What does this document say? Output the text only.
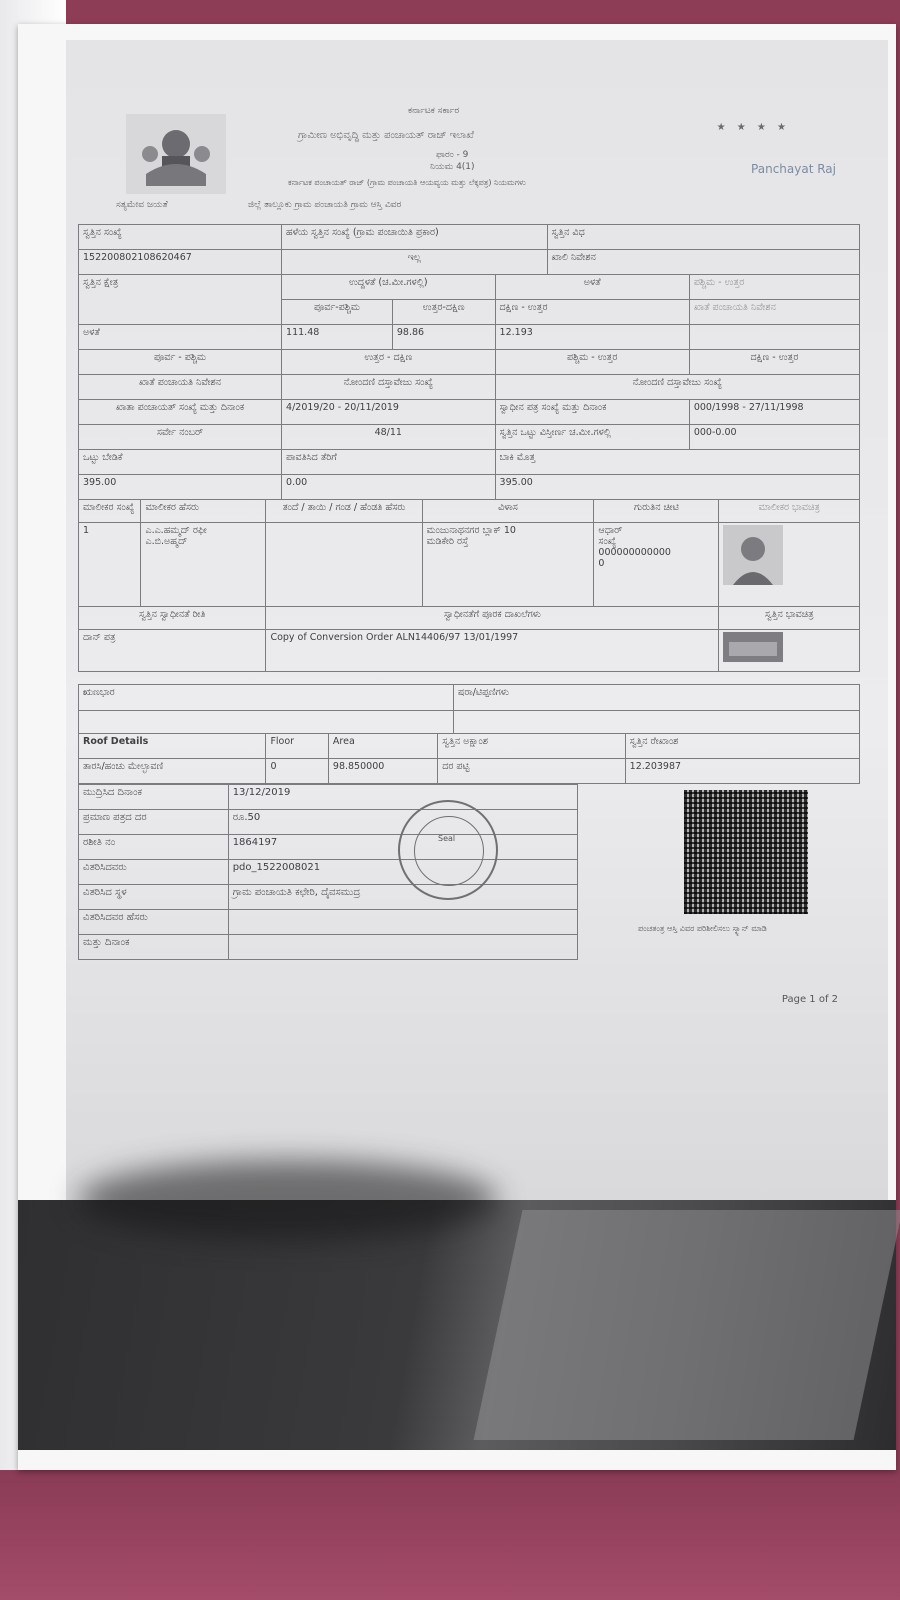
ಸತ್ಯಮೇವ ಜಯತೆ
ಕರ್ನಾಟಕ ಸರ್ಕಾರ
ಗ್ರಾಮೀಣ ಅಭಿವೃದ್ಧಿ ಮತ್ತು ಪಂಚಾಯತ್ ರಾಜ್ ಇಲಾಖೆ
ಫಾರಂ - 9
ನಿಯಮ 4(1)
ಕರ್ನಾಟಕ ಪಂಚಾಯತ್ ರಾಜ್ (ಗ್ರಾಮ ಪಂಚಾಯತಿ ಆಯವ್ಯಯ ಮತ್ತು ಲೆಕ್ಕಪತ್ರ) ನಿಯಮಗಳು
ಜಿಲ್ಲೆ ತಾಲ್ಲೂಕು ಗ್ರಾಮ ಪಂಚಾಯತಿ ಗ್ರಾಮ ಆಸ್ತಿ ವಿವರ
★ ★ ★ ★
Panchayat Raj
ಸ್ವತ್ತಿನ ಸಂಖ್ಯೆ	ಹಳೆಯ ಸ್ವತ್ತಿನ ಸಂಖ್ಯೆ (ಗ್ರಾಮ ಪಂಚಾಯಿತಿ ಪ್ರಕಾರ)			ಸ್ವತ್ತಿನ ವಿಧ	
152200802108620467	ಇಲ್ಲ			ಖಾಲಿ ನಿವೇಶನ	
ಸ್ವತ್ತಿನ ಕ್ಷೇತ್ರ	ಉದ್ದಳತೆ (ಚ.ಮೀ.ಗಳಲ್ಲಿ)		ಅಳತೆ		ಪಶ್ಚಿಮ - ಉತ್ತರ
	ಪೂರ್ವ-ಪಶ್ಚಿಮ	ಉತ್ತರ-ದಕ್ಷಿಣ	ದಕ್ಷಿಣ - ಉತ್ತರ		ಖಾತೆ ಪಂಚಾಯತಿ ನಿವೇಶನ
ಅಳತೆ	111.48	98.86	12.193		
ಪೂರ್ವ - ಪಶ್ಚಿಮ	ಉತ್ತರ - ದಕ್ಷಿಣ		ಪಶ್ಚಿಮ - ಉತ್ತರ		ದಕ್ಷಿಣ - ಉತ್ತರ
ಖಾತೆ ಪಂಚಾಯತಿ ನಿವೇಶನ	ನೋಂದಣಿ ದಸ್ತಾವೇಜು ಸಂಖ್ಯೆ		ನೋಂದಣಿ ದಸ್ತಾವೇಜು ಸಂಖ್ಯೆ		
ಖಾತಾ ಪಂಚಾಯತ್ ಸಂಖ್ಯೆ ಮತ್ತು ದಿನಾಂಕ	4/2019/20 - 20/11/2019		ಸ್ವಾಧೀನ ಪತ್ರ ಸಂಖ್ಯೆ ಮತ್ತು ದಿನಾಂಕ		000/1998 - 27/11/1998
ಸರ್ವೇ ನಂಬರ್	48/11		ಸ್ವತ್ತಿನ ಒಟ್ಟು ವಿಸ್ತೀರ್ಣ ಚ.ಮೀ.ಗಳಲ್ಲಿ		000-0.00
ಒಟ್ಟು ಬೇಡಿಕೆ	ಪಾವತಿಸಿದ ತೆರಿಗೆ		ಬಾಕಿ ಮೊತ್ತ		
395.00	0.00		395.00		
ಮಾಲೀಕರ ಸಂಖ್ಯೆ	ಮಾಲೀಕರ ಹೆಸರು	ತಂದೆ / ತಾಯಿ / ಗಂಡ / ಹೆಂಡತಿ ಹೆಸರು	ವಿಳಾಸ	ಗುರುತಿನ ಚೀಟಿ	ಮಾಲೀಕರ ಭಾವಚಿತ್ರ
1	ಎ.ಎ.ಹಮ್ಮದ್ ರಫೀ
ಎ.ಬಿ.ಅಹ್ಮದ್		ಮಂಜುನಾಥನಗರ ಬ್ಲಾಕ್ 10
ಮಡಿಕೇರಿ ರಸ್ತೆ	ಆಧಾರ್
ಸಂಖ್ಯೆ
000000000000
0	
ಸ್ವತ್ತಿನ ಸ್ವಾಧೀನತೆ ರೀತಿ	ಸ್ವಾಧೀನತೆಗೆ ಪೂರಕ ದಾಖಲೆಗಳು	ಸ್ವತ್ತಿನ ಭಾವಚಿತ್ರ
ದಾನ್ ಪತ್ರ	Copy of Conversion Order ALN14406/97 13/01/1997	
ಋಣಭಾರ	ಷರಾ/ಟಿಪ್ಪಣಿಗಳು

Roof Details	Floor	Area	ಸ್ವತ್ತಿನ ಅಕ್ಷಾಂಶ	ಸ್ವತ್ತಿನ ರೇಖಾಂಶ
ತಾರಸಿ/ಹಂಚು ಮೇಲ್ಛಾವಣಿ	0	98.850000	ದರ ಪಟ್ಟಿ	12.203987
ಮುದ್ರಿಸಿದ ದಿನಾಂಕ	13/12/2019
ಪ್ರಮಾಣ ಪತ್ರದ ದರ	ರೂ.50
ರಶೀತಿ ನಂ	1864197
ವಿತರಿಸಿದವರು	pdo_1522008021
ವಿತರಿಸಿದ ಸ್ಥಳ	ಗ್ರಾಮ ಪಂಚಾಯತಿ ಕಛೇರಿ, ದೈವಸಮುದ್ರ
ವಿತರಿಸಿದವರ ಹೆಸರು	
ಮತ್ತು ದಿನಾಂಕ	
Seal
ಪಂಚತಂತ್ರ ಆಸ್ತಿ ವಿವರ ಪರಿಶೀಲಿಸಲು ಸ್ಕ್ಯಾನ್ ಮಾಡಿ
Page 1 of 2
